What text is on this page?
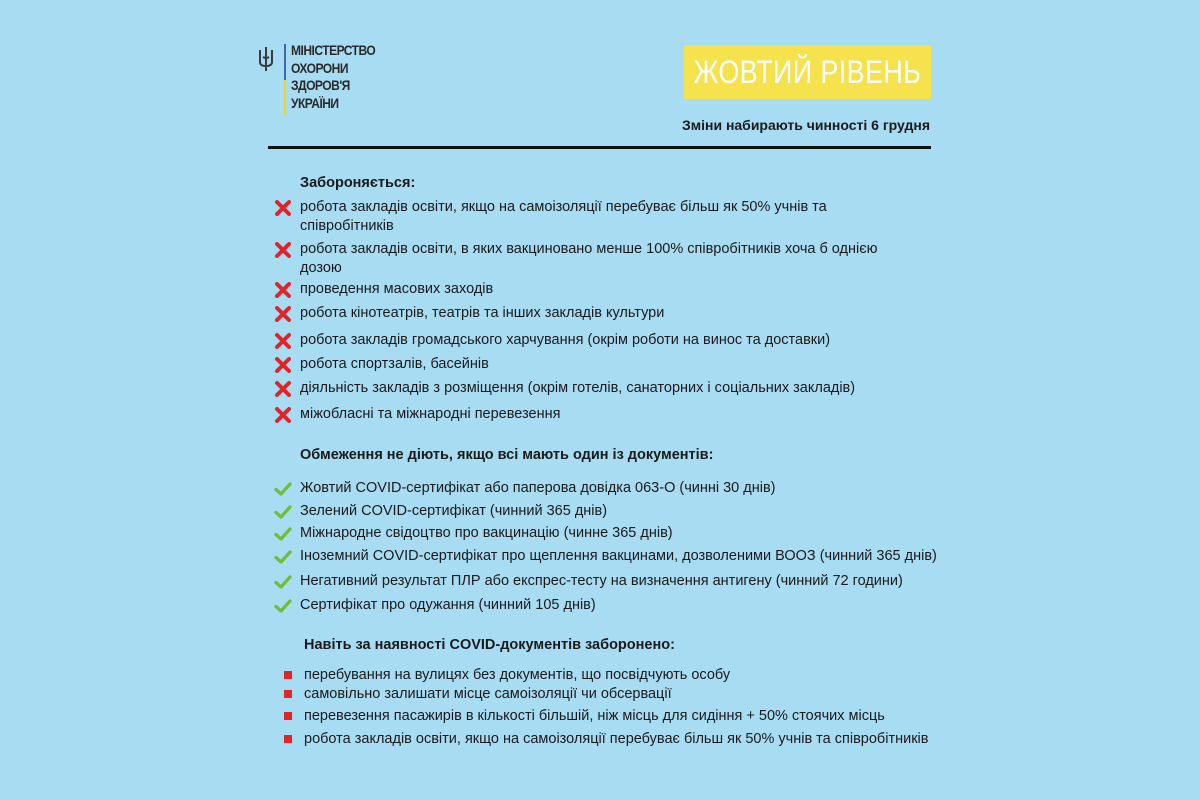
МІНІСТЕРСТВО
ОХОРОНИ
ЗДОРОВ'Я
УКРАЇНИ
ЖОВТИЙ РІВЕНЬ
Зміни набирають чинності 6 грудня
Забороняється:
робота закладів освіти, якщо на самоізоляції перебуває більш як 50% учнів та співробітників
робота закладів освіти, в яких вакциновано менше 100% співробітників хоча б однією дозою
проведення масових заходів
робота кінотеатрів, театрів та інших закладів культури
робота закладів громадського харчування (окрім роботи на винос та доставки)
робота спортзалів, басейнів
діяльність закладів з розміщення (окрім готелів, санаторних і соціальних закладів)
міжобласні та міжнародні перевезення
Обмеження не діють, якщо всі мають один із документів:
Жовтий COVID-сертифікат або паперова довідка 063-О (чинні 30 днів)
Зелений COVID-сертифікат (чинний 365 днів)
Міжнародне свідоцтво про вакцинацію (чинне 365 днів)
Іноземний COVID-сертифікат про щеплення вакцинами, дозволеними ВООЗ (чинний 365 днів)
Негативний результат ПЛР або експрес-тесту на визначення антигену (чинний 72 години)
Сертифікат про одужання (чинний 105 днів)
Навіть за наявності COVID-документів заборонено:
перебування на вулицях без документів, що посвідчують особу
самовільно залишати місце самоізоляції чи обсервації
перевезення пасажирів в кількості більшій, ніж місць для сидіння + 50% стоячих місць
робота закладів освіти, якщо на самоізоляції перебуває більш як 50% учнів та співробітників
